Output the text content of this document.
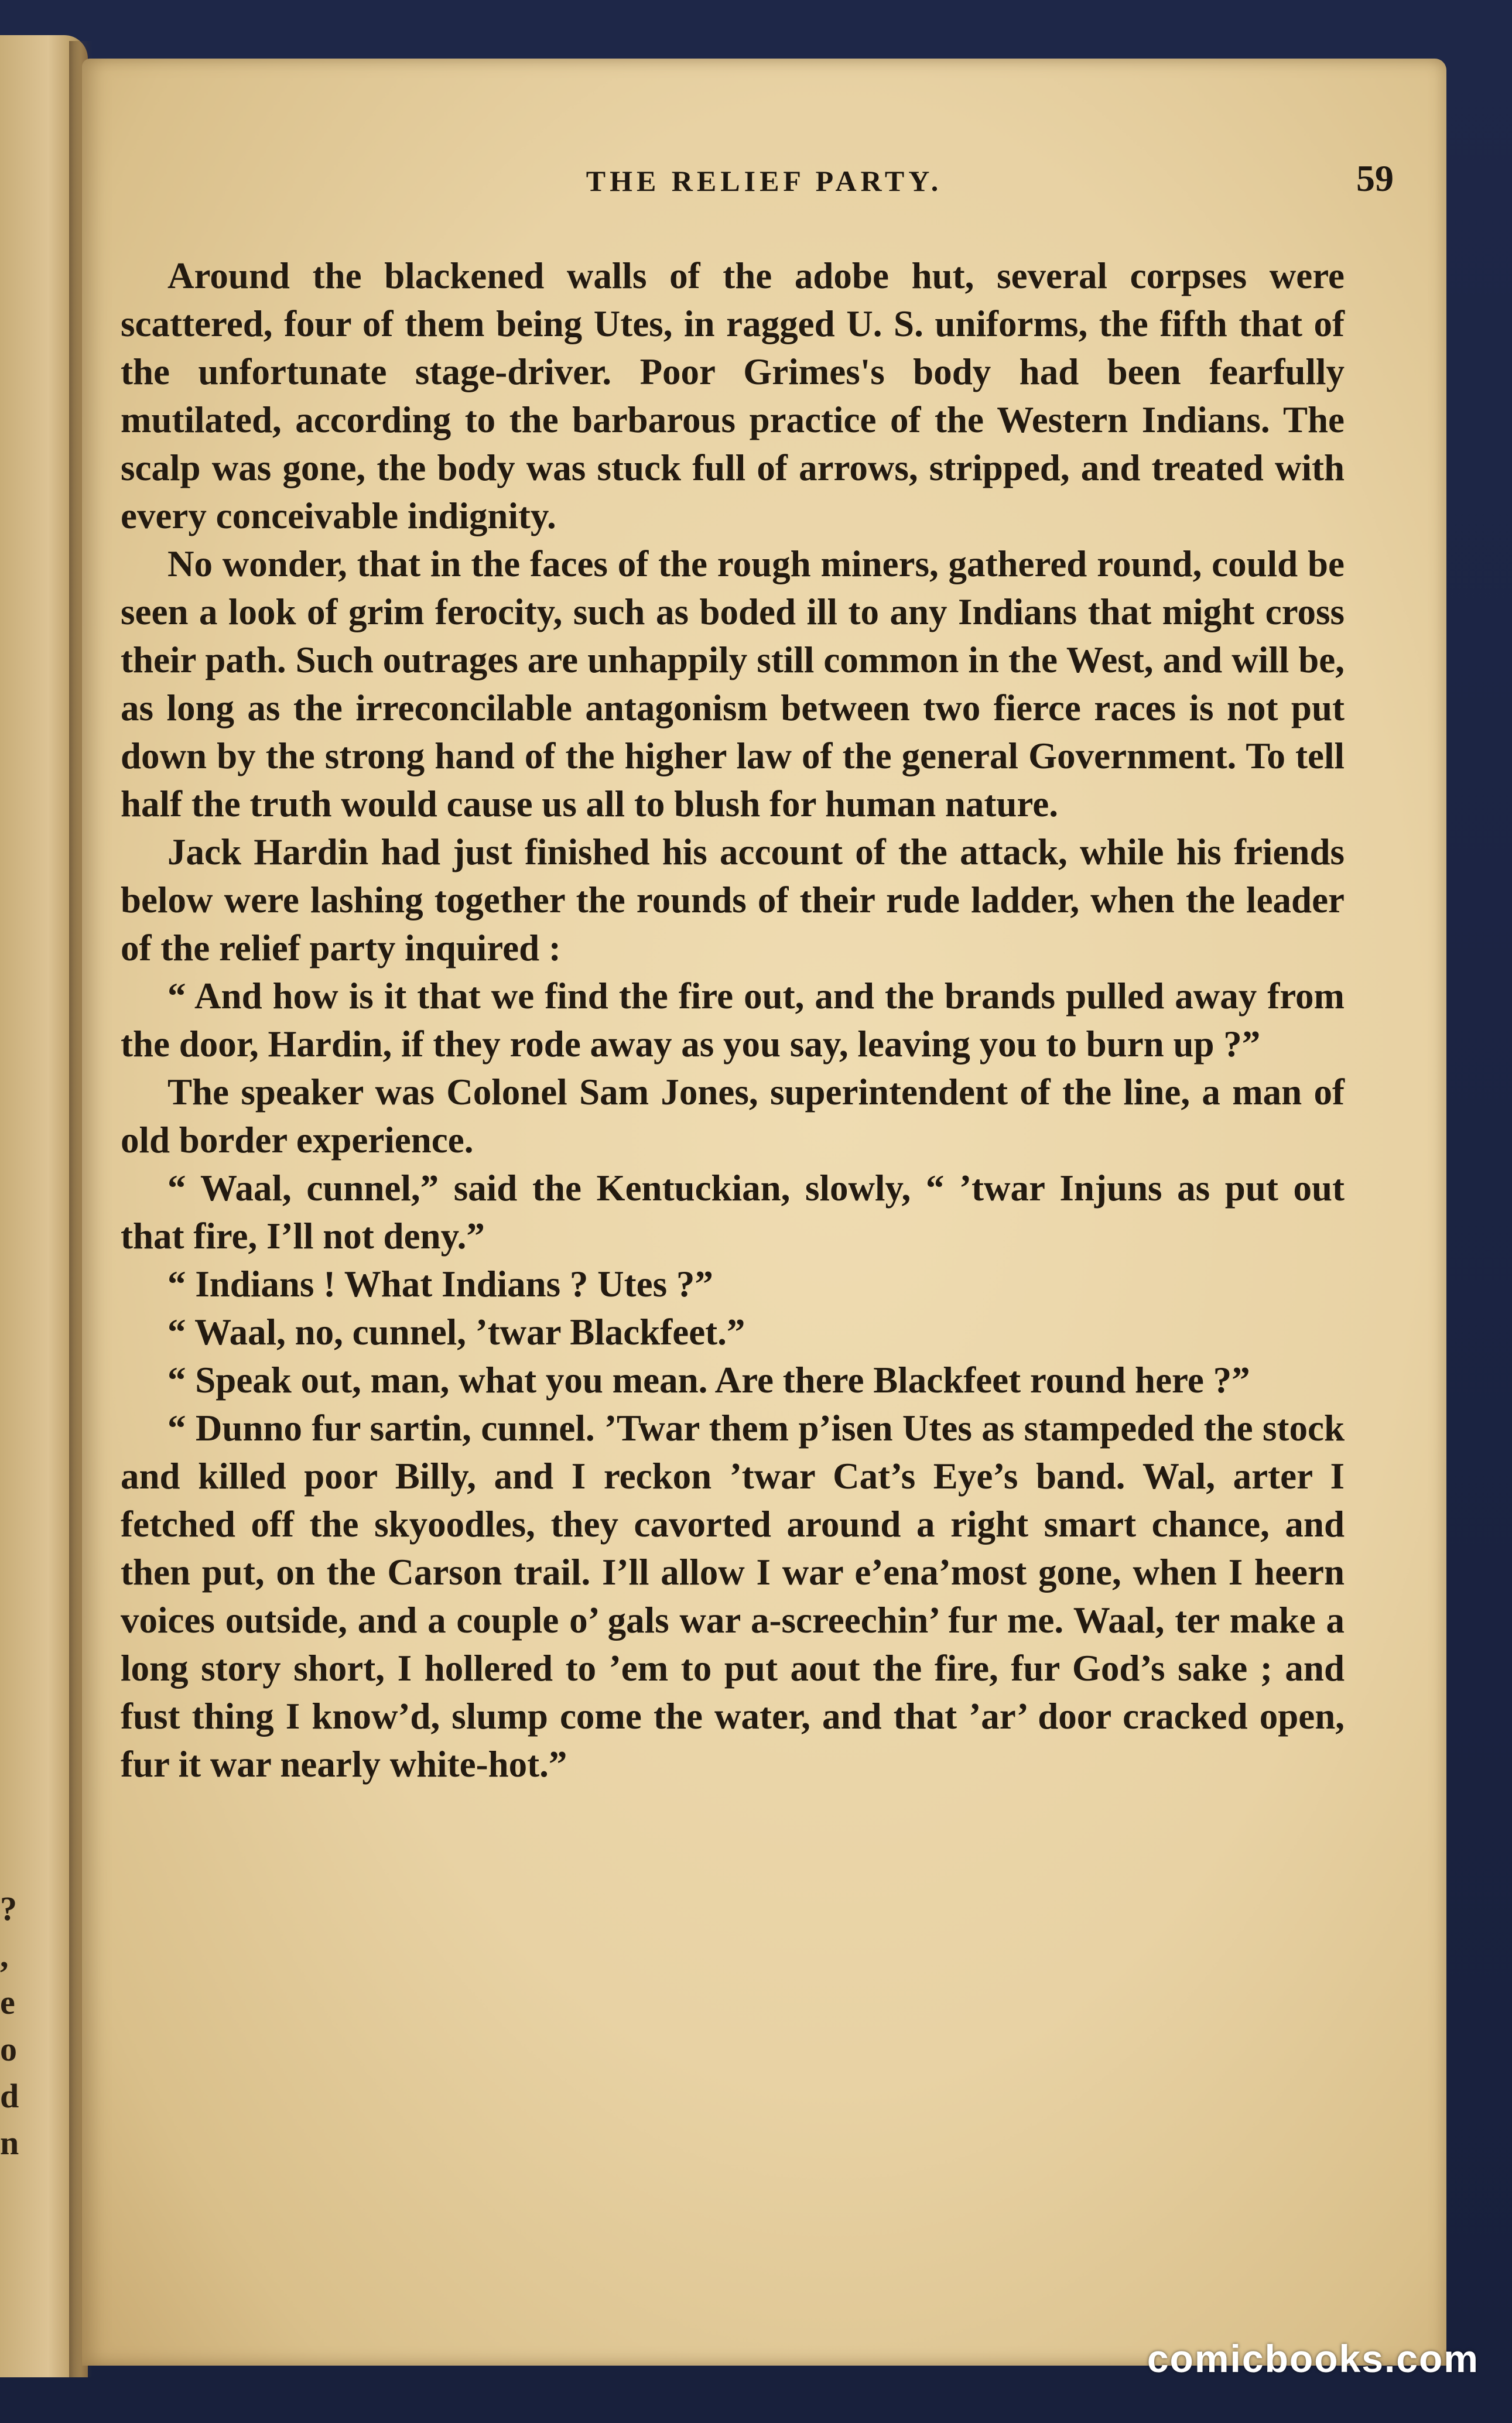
?
,
e
o
d
n
THE RELIEF PARTY.	59

Around the blackened walls of the adobe hut, several corpses were scattered, four of them being Utes, in ragged U. S. uniforms, the fifth that of the unfortunate stage-driver. Poor Grimes's body had been fearfully mutilated, according to the barbarous practice of the Western Indians. The scalp was gone, the body was stuck full of arrows, stripped, and treated with every conceivable indignity.

No wonder, that in the faces of the rough miners, gathered round, could be seen a look of grim ferocity, such as boded ill to any Indians that might cross their path. Such outrages are unhappily still common in the West, and will be, as long as the irreconcilable antagonism between two fierce races is not put down by the strong hand of the higher law of the general Government. To tell half the truth would cause us all to blush for human nature.

Jack Hardin had just finished his account of the attack, while his friends below were lashing together the rounds of their rude ladder, when the leader of the relief party inquired :

“ And how is it that we find the fire out, and the brands pulled away from the door, Hardin, if they rode away as you say, leaving you to burn up ?”

The speaker was Colonel Sam Jones, superintendent of the line, a man of old border experience.

“ Waal, cunnel,” said the Kentuckian, slowly, “ ’twar Injuns as put out that fire, I’ll not deny.”

“ Indians ! What Indians ? Utes ?”

“ Waal, no, cunnel, ’twar Blackfeet.”

“ Speak out, man, what you mean. Are there Blackfeet round here ?”

“ Dunno fur sartin, cunnel. ’Twar them p’isen Utes as stampeded the stock and killed poor Billy, and I reckon ’twar Cat’s Eye’s band. Wal, arter I fetched off the skyoodles, they cavorted around a right smart chance, and then put, on the Carson trail. I’ll allow I war e’ena’most gone, when I heern voices outside, and a couple o’ gals war a-screechin’ fur me. Waal, ter make a long story short, I hollered to ’em to put aout the fire, fur God’s sake ; and fust thing I know’d, slump come the water, and that ’ar’ door cracked open, fur it war nearly white-hot.”

comicbooks.com
